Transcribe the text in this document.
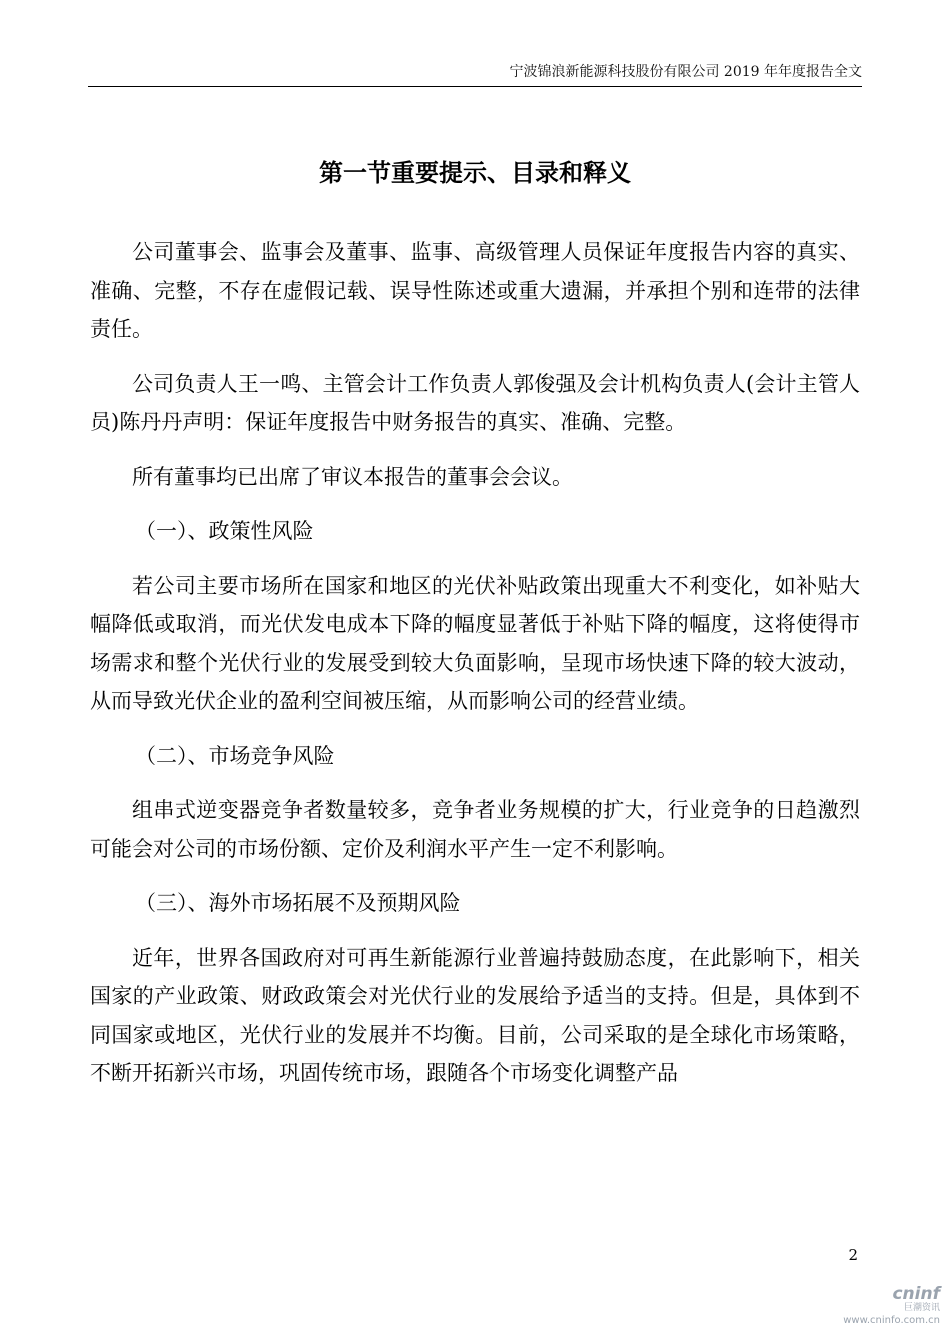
宁波锦浪新能源科技股份有限公司 2019 年年度报告全文
第一节重要提示、目录和释义

公司董事会、监事会及董事、监事、高级管理人员保证年度报告内容的真实、准确、完整，不存在虚假记载、误导性陈述或重大遗漏，并承担个别和连带的法律责任。

公司负责人王一鸣、主管会计工作负责人郭俊强及会计机构负责人(会计主管人员)陈丹丹声明：保证年度报告中财务报告的真实、准确、完整。

所有董事均已出席了审议本报告的董事会会议。

（一）、政策性风险

若公司主要市场所在国家和地区的光伏补贴政策出现重大不利变化，如补贴大幅降低或取消，而光伏发电成本下降的幅度显著低于补贴下降的幅度，这将使得市场需求和整个光伏行业的发展受到较大负面影响，呈现市场快速下降的较大波动，从而导致光伏企业的盈利空间被压缩，从而影响公司的经营业绩。

（二）、市场竞争风险

组串式逆变器竞争者数量较多，竞争者业务规模的扩大，行业竞争的日趋激烈可能会对公司的市场份额、定价及利润水平产生一定不利影响。

（三）、海外市场拓展不及预期风险

近年，世界各国政府对可再生新能源行业普遍持鼓励态度，在此影响下，相关国家的产业政策、财政政策会对光伏行业的发展给予适当的支持。但是，具体到不同国家或地区，光伏行业的发展并不均衡。目前，公司采取的是全球化市场策略，不断开拓新兴市场，巩固传统市场，跟随各个市场变化调整产品

2
cninf
巨潮资讯
www.cninfo.com.cn
